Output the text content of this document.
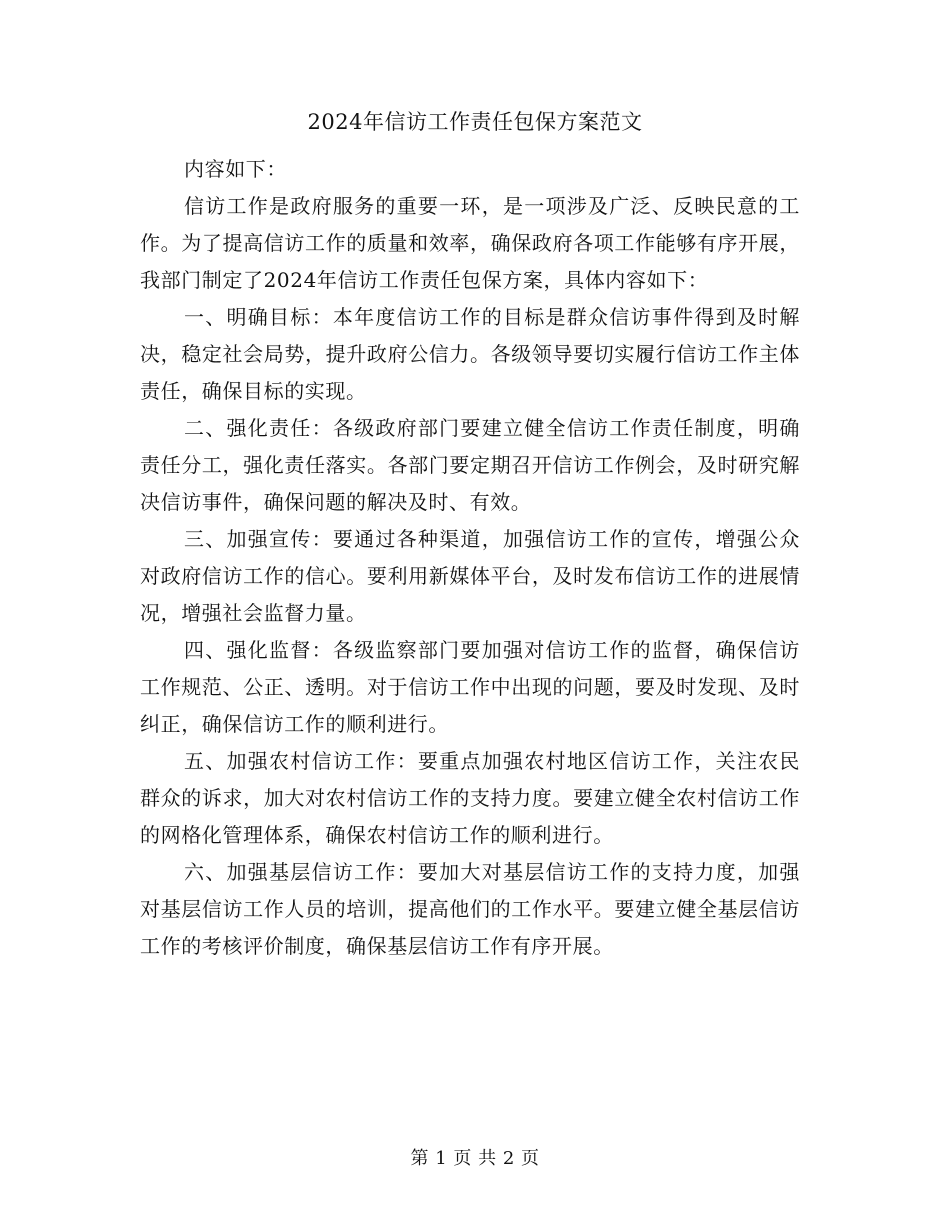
2024年信访工作责任包保方案范文

内容如下：

信访工作是政府服务的重要一环，是一项涉及广泛、反映民意的工作。为了提高信访工作的质量和效率，确保政府各项工作能够有序开展，我部门制定了2024年信访工作责任包保方案，具体内容如下：

一、明确目标：本年度信访工作的目标是群众信访事件得到及时解决，稳定社会局势，提升政府公信力。各级领导要切实履行信访工作主体责任，确保目标的实现。

二、强化责任：各级政府部门要建立健全信访工作责任制度，明确责任分工，强化责任落实。各部门要定期召开信访工作例会，及时研究解决信访事件，确保问题的解决及时、有效。

三、加强宣传：要通过各种渠道，加强信访工作的宣传，增强公众对政府信访工作的信心。要利用新媒体平台，及时发布信访工作的进展情况，增强社会监督力量。

四、强化监督：各级监察部门要加强对信访工作的监督，确保信访工作规范、公正、透明。对于信访工作中出现的问题，要及时发现、及时纠正，确保信访工作的顺利进行。

五、加强农村信访工作：要重点加强农村地区信访工作，关注农民群众的诉求，加大对农村信访工作的支持力度。要建立健全农村信访工作的网格化管理体系，确保农村信访工作的顺利进行。

六、加强基层信访工作：要加大对基层信访工作的支持力度，加强对基层信访工作人员的培训，提高他们的工作水平。要建立健全基层信访工作的考核评价制度，确保基层信访工作有序开展。

第 1 页 共 2 页
